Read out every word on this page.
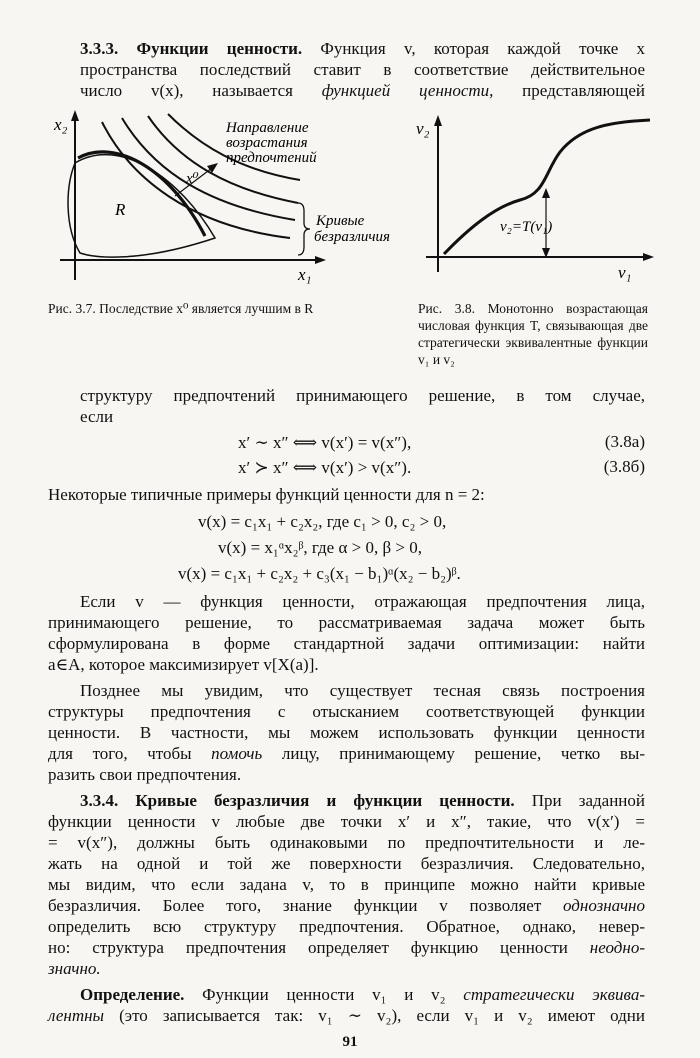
3.3.3. Функции ценности. Функция v, которая каждой точке x
пространства последствий ставит в соответствие действительное
число v(x), называется функцией ценности, представляющей
x₂
x₁
R
x⁰
Направление
возрастания
предпочтений
Кривые
безразличия
v₂
v₁
v₂=T(v₁)
Рис. 3.7. Последствие x⁰ является лучшим в R	Рис. 3.8. Монотонно возрастающая числовая функция T, связывающая две стратегически эквивалентные функции v₁ и v₂
структуру предпочтений принимающего решение, в том случае,
если
x′ ∼ x″ ⟺ v(x′) = v(x″),	(3.8a)
x′ ≻ x″ ⟺ v(x′) > v(x″).	(3.8б)
Некоторые типичные примеры функций ценности для n = 2:
v(x) = c₁x₁ + c₂x₂, где c₁ > 0, c₂ > 0,
v(x) = x₁ᵅx₂ᵝ, где α > 0, β > 0,
v(x) = c₁x₁ + c₂x₂ + c₃(x₁ − b₁)ᵅ(x₂ − b₂)ᵝ.
Если v — функция ценности, отражающая предпочтения лица,
принимающего решение, то рассматриваемая задача может быть
сформулирована в форме стандартной задачи оптимизации: найти
a∈A, которое максимизирует v[X(a)].
Позднее мы увидим, что существует тесная связь построения
структуры предпочтения с отысканием соответствующей функции
ценности. В частности, мы можем использовать функции ценности
для того, чтобы помочь лицу, принимающему решение, четко вы-
разить свои предпочтения.
3.3.4. Кривые безразличия и функции ценности. При заданной
функции ценности v любые две точки x′ и x″, такие, что v(x′) =
= v(x″), должны быть одинаковыми по предпочтительности и ле-
жать на одной и той же поверхности безразличия. Следовательно,
мы видим, что если задана v, то в принципе можно найти кривые
безразличия. Более того, знание функции v позволяет однозначно
определить всю структуру предпочтения. Обратное, однако, невер-
но: структура предпочтения определяет функцию ценности неодно-
значно.
Определение. Функции ценности v₁ и v₂ стратегически эквива-
лентны (это записывается так: v₁ ∼ v₂), если v₁ и v₂ имеют одни
91
